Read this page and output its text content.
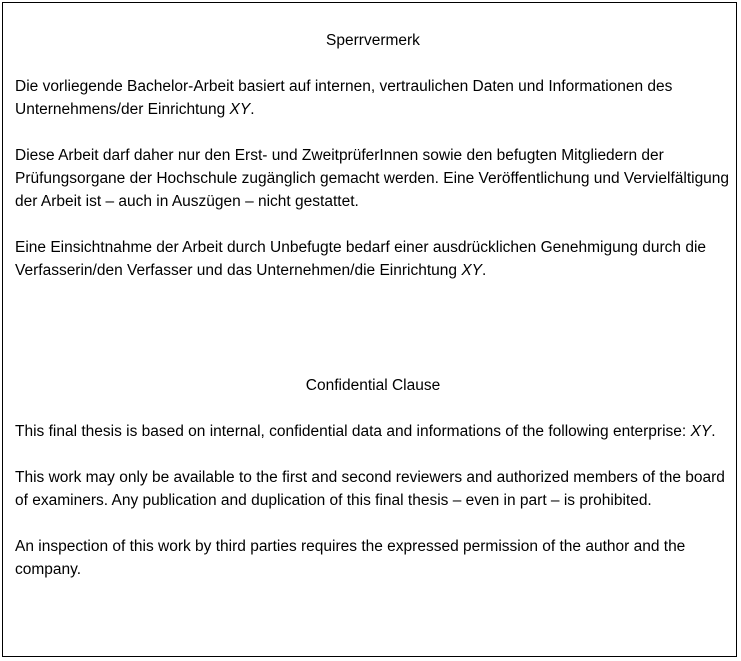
Sperrvermerk

Die vorliegende Bachelor-Arbeit basiert auf internen, vertraulichen Daten und Informationen des Unternehmens/der Einrichtung XY.

Diese Arbeit darf daher nur den Erst- und ZweitprüferInnen sowie den befugten Mitgliedern der Prüfungsorgane der Hochschule zugänglich gemacht werden. Eine Veröffentlichung und Vervielfältigung der Arbeit ist – auch in Auszügen – nicht gestattet.

Eine Einsichtnahme der Arbeit durch Unbefugte bedarf einer ausdrücklichen Genehmigung durch die Verfasserin/den Verfasser und das Unternehmen/die Einrichtung XY.

Confidential Clause

This final thesis is based on internal, confidential data and informations of the following enterprise: XY.

This work may only be available to the first and second reviewers and authorized members of the board of examiners. Any publication and duplication of this final thesis – even in part – is prohibited.

An inspection of this work by third parties requires the expressed permission of the author and the company.
